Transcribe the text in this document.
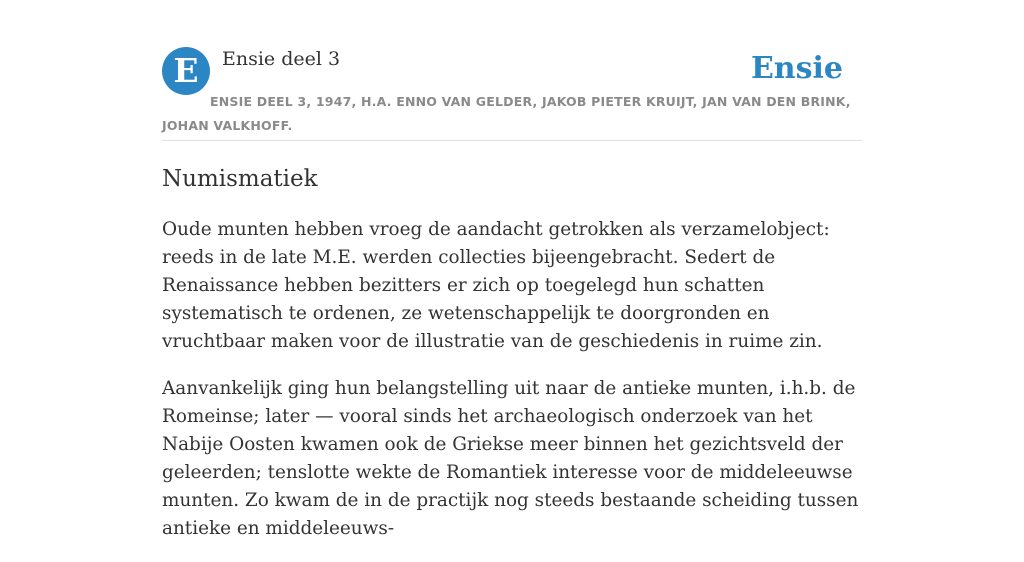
E	Ensie deel 3	Ensie
ENSIE DEEL 3, 1947, H.A. ENNO VAN GELDER, JAKOB PIETER KRUIJT, JAN VAN DEN BRINK, JOHAN VALKHOFF.
Numismatiek

Oude munten hebben vroeg de aandacht getrokken als verzamelobject: reeds in de late M.E. werden collecties bijeengebracht. Sedert de Renaissance hebben bezitters er zich op toegelegd hun schatten systematisch te ordenen, ze wetenschappelijk te doorgronden en vruchtbaar maken voor de illustratie van de geschiedenis in ruime zin.

Aanvankelijk ging hun belangstelling uit naar de antieke munten, i.h.b. de Romeinse; later — vooral sinds het archaeologisch onderzoek van het Nabije Oosten kwamen ook de Griekse meer binnen het gezichtsveld der geleerden; tenslotte wekte de Romantiek interesse voor de middeleeuwse munten. Zo kwam de in de practijk nog steeds bestaande scheiding tussen antieke en middeleeuws-
